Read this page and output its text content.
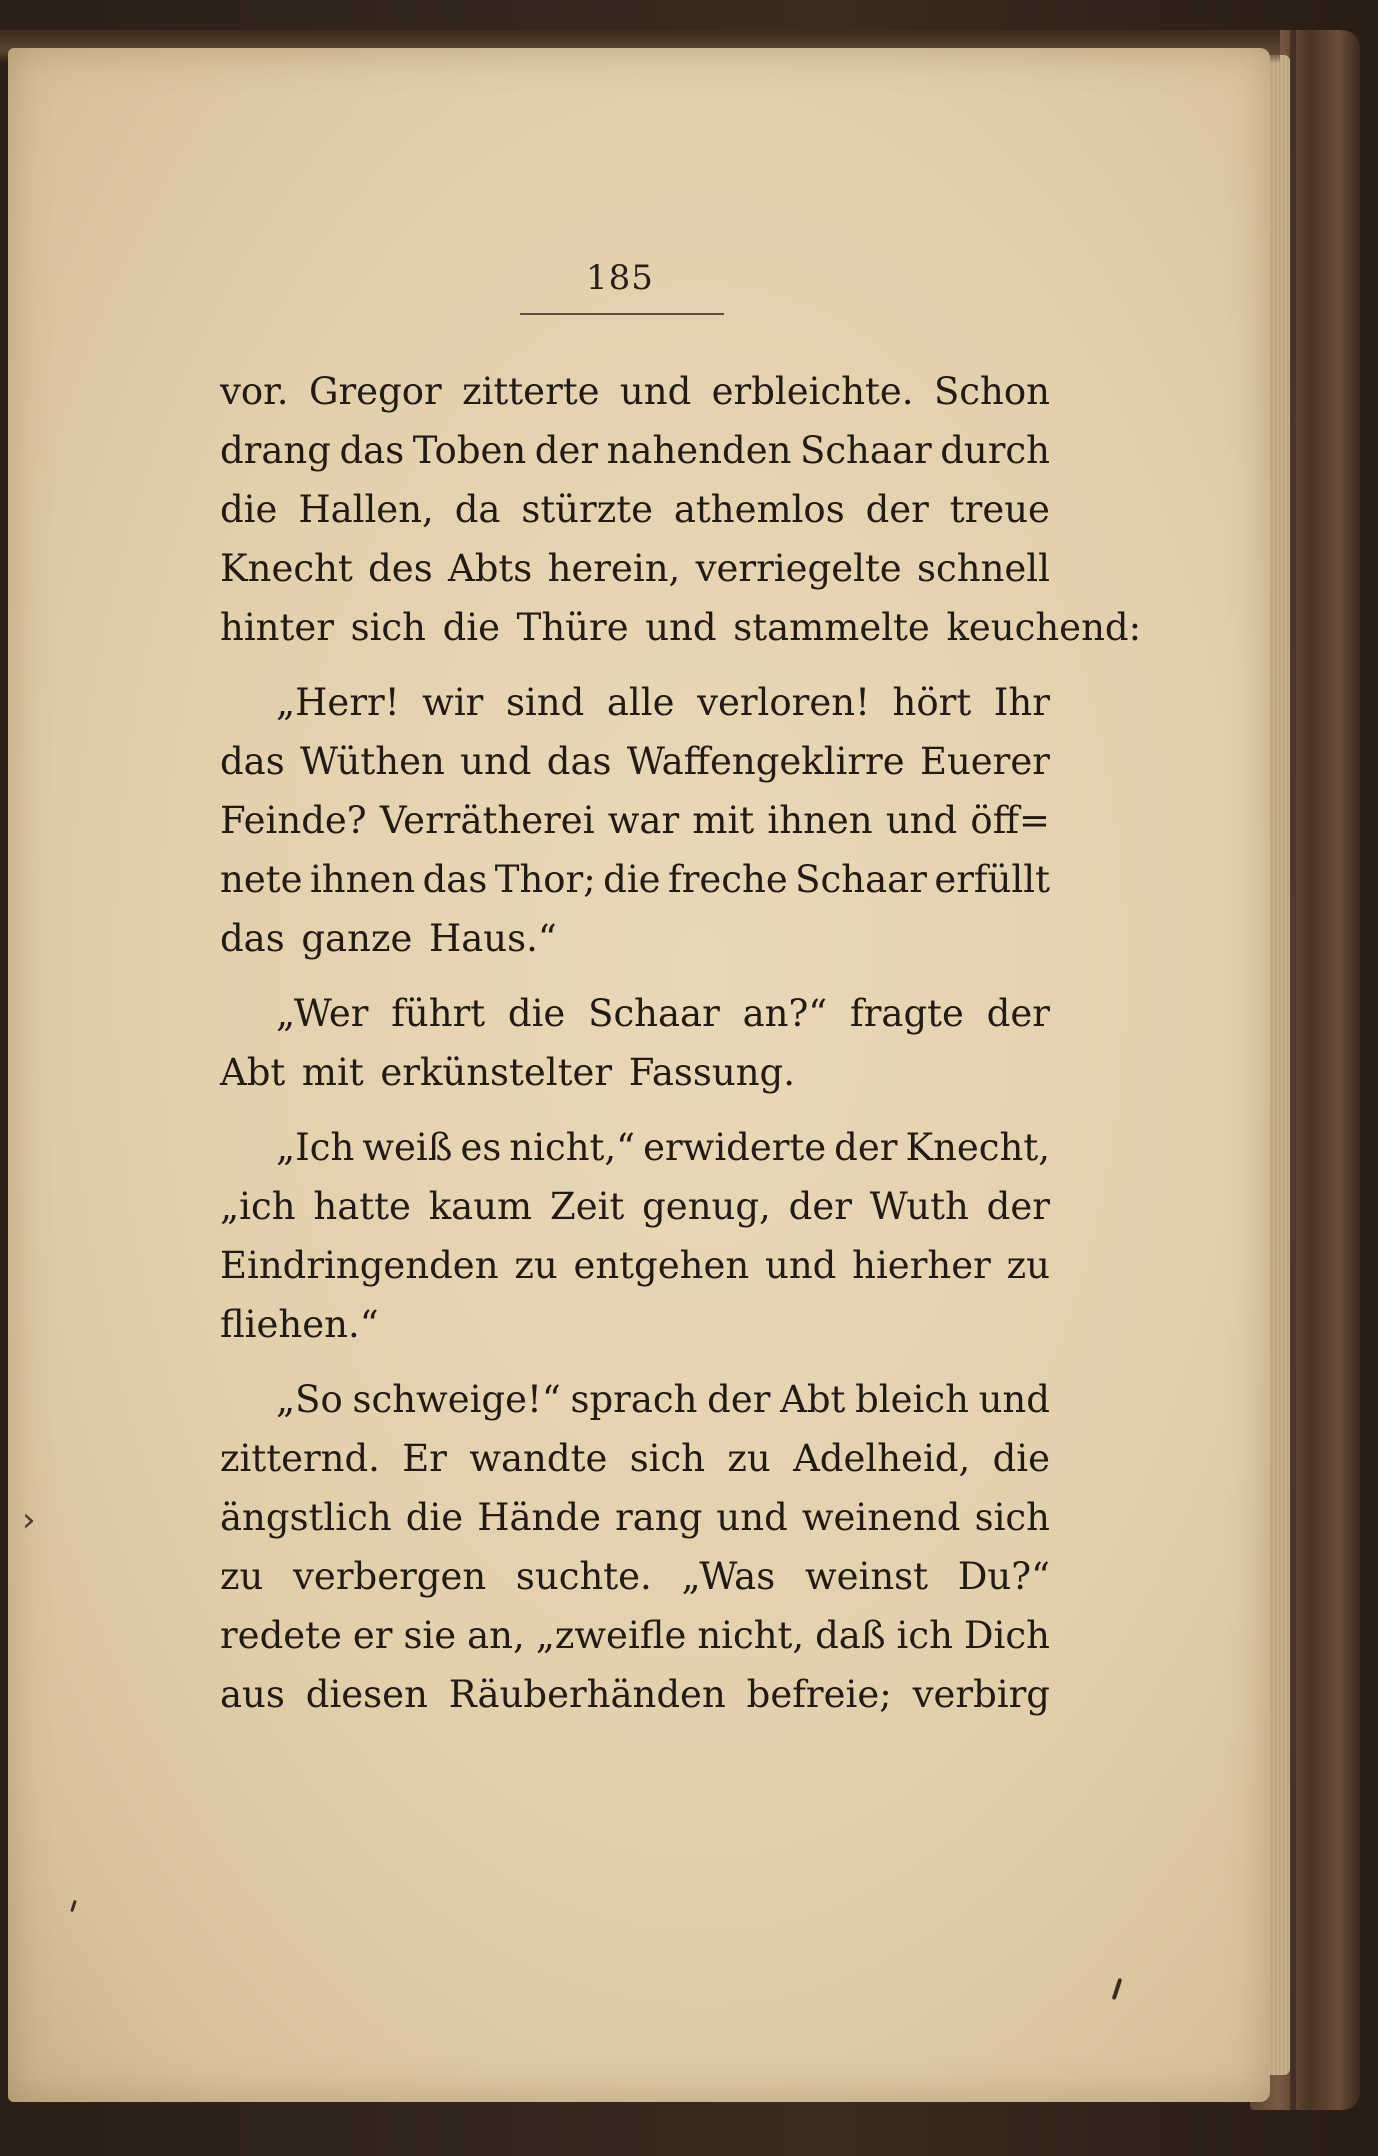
185
vor. Gregor zitterte und erbleichte. Schon
drang das Toben der nahenden Schaar durch
die Hallen, da stürzte athemlos der treue
Knecht des Abts herein, verriegelte schnell
hinter sich die Thüre und stammelte keuchend:
„Herr! wir sind alle verloren! hört Ihr
das Wüthen und das Waffengeklirre Euerer
Feinde? Verrätherei war mit ihnen und öff=
nete ihnen das Thor; die freche Schaar erfüllt
das ganze Haus.“
„Wer führt die Schaar an?“ fragte der
Abt mit erkünstelter Fassung.
„Ich weiß es nicht,“ erwiderte der Knecht,
„ich hatte kaum Zeit genug, der Wuth der
Eindringenden zu entgehen und hierher zu
fliehen.“
„So schweige!“ sprach der Abt bleich und
zitternd. Er wandte sich zu Adelheid, die
ängstlich die Hände rang und weinend sich
zu verbergen suchte. „Was weinst Du?“
redete er sie an, „zweifle nicht, daß ich Dich
aus diesen Räuberhänden befreie; verbirg
›
